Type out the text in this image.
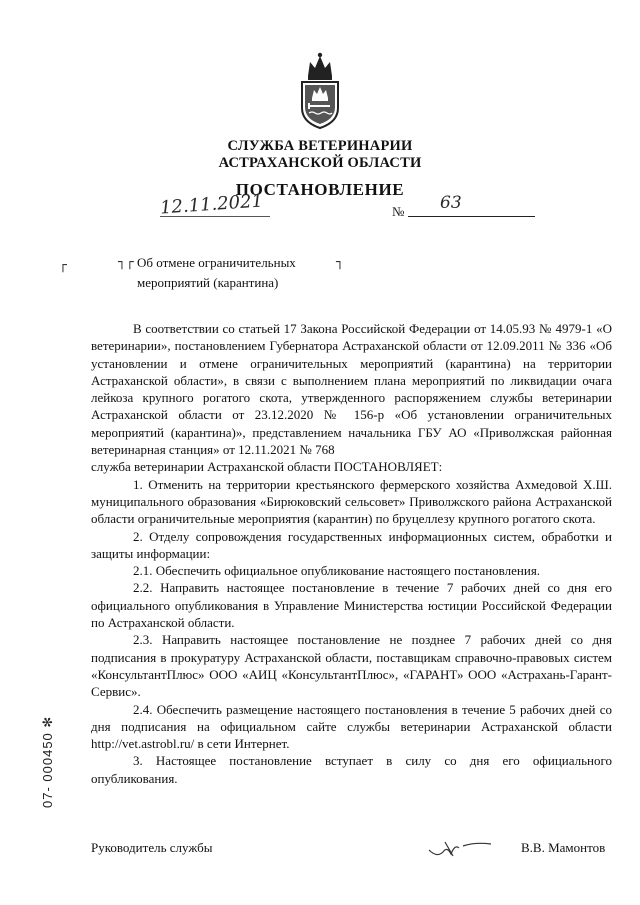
СЛУЖБА ВЕТЕРИНАРИИ
АСТРАХАНСКОЙ ОБЛАСТИ
ПОСТАНОВЛЕНИЕ
12.11.2021	№ 63
┌	┐┌	┐
Об отмене ограничительных
мероприятий (карантина)

В соответствии со статьей 17 Закона Российской Федерации от 14.05.93 № 4979-1 «О ветеринарии», постановлением Губернатора Астраханской области от 12.09.2011 № 336 «Об установлении и отмене ограничительных мероприятий (карантина) на территории Астраханской области», в связи с выполнением плана мероприятий по ликвидации очага лейкоза крупного рогатого скота, утвержденного распоряжением службы ветеринарии Астраханской области от 23.12.2020 № 156-р «Об установлении ограничительных мероприятий (карантина)», представлением начальника ГБУ АО «Приволжская районная ветеринарная станция» от 12.11.2021 № 768

служба ветеринарии Астраханской области ПОСТАНОВЛЯЕТ:

1. Отменить на территории крестьянского фермерского хозяйства Ахмедовой Х.Ш. муниципального образования «Бирюковский сельсовет» Приволжского района Астраханской области ограничительные мероприятия (карантин) по бруцеллезу крупного рогатого скота.

2. Отделу сопровождения государственных информационных систем, обработки и защиты информации:

2.1. Обеспечить официальное опубликование настоящего постановления.

2.2. Направить настоящее постановление в течение 7 рабочих дней со дня его официального опубликования в Управление Министерства юстиции Российской Федерации по Астраханской области.

2.3. Направить настоящее постановление не позднее 7 рабочих дней со дня подписания в прокуратуру Астраханской области, поставщикам справочно-правовых систем «КонсультантПлюс» ООО «АИЦ «КонсультантПлюс», «ГАРАНТ» ООО «Астрахань-Гарант-Сервис».

2.4. Обеспечить размещение настоящего постановления в течение 5 рабочих дней со дня подписания на официальном сайте службы ветеринарии Астраханской области http://vet.astrobl.ru/ в сети Интернет.

3. Настоящее постановление вступает в силу со дня его официального опубликования.

Руководитель службы	В.В. Мамонтов
07- 000450 ✻
